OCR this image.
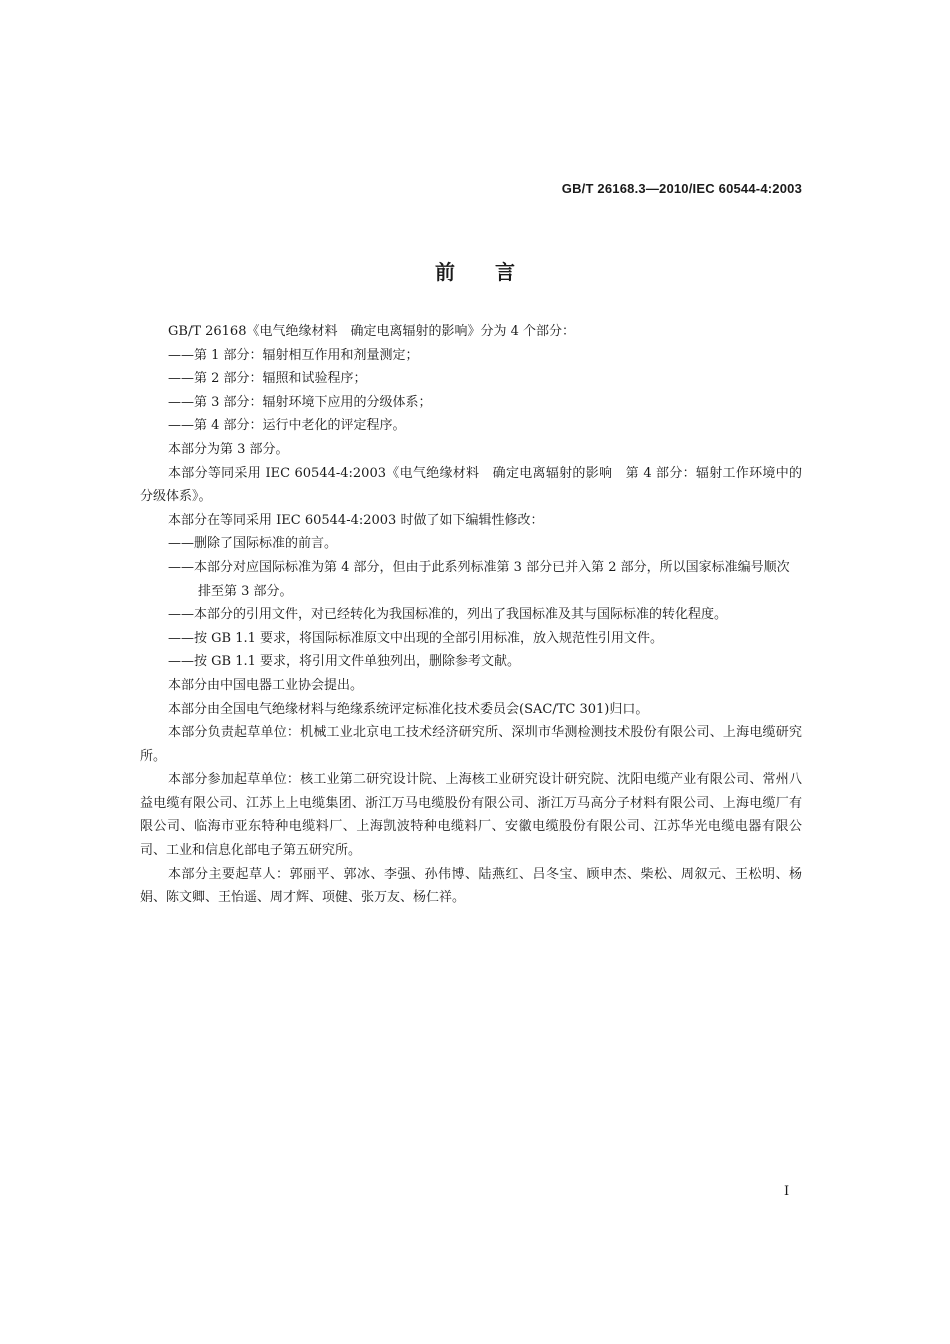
GB/T 26168.3—2010/IEC 60544-4:2003
前言

GB/T 26168《电气绝缘材料　确定电离辐射的影响》分为 4 个部分：

——第 1 部分：辐射相互作用和剂量测定；

——第 2 部分：辐照和试验程序；

——第 3 部分：辐射环境下应用的分级体系；

——第 4 部分：运行中老化的评定程序。

本部分为第 3 部分。

本部分等同采用 IEC 60544-4:2003《电气绝缘材料　确定电离辐射的影响　第 4 部分：辐射工作环境中的分级体系》。

本部分在等同采用 IEC 60544-4:2003 时做了如下编辑性修改：

——删除了国际标准的前言。

——本部分对应国际标准为第 4 部分，但由于此系列标准第 3 部分已并入第 2 部分，所以国家标准编号顺次排至第 3 部分。

——本部分的引用文件，对已经转化为我国标准的，列出了我国标准及其与国际标准的转化程度。

——按 GB 1.1 要求，将国际标准原文中出现的全部引用标准，放入规范性引用文件。

——按 GB 1.1 要求，将引用文件单独列出，删除参考文献。

本部分由中国电器工业协会提出。

本部分由全国电气绝缘材料与绝缘系统评定标准化技术委员会(SAC/TC 301)归口。

本部分负责起草单位：机械工业北京电工技术经济研究所、深圳市华测检测技术股份有限公司、上海电缆研究所。

本部分参加起草单位：核工业第二研究设计院、上海核工业研究设计研究院、沈阳电缆产业有限公司、常州八益电缆有限公司、江苏上上电缆集团、浙江万马电缆股份有限公司、浙江万马高分子材料有限公司、上海电缆厂有限公司、临海市亚东特种电缆料厂、上海凯波特种电缆料厂、安徽电缆股份有限公司、江苏华光电缆电器有限公司、工业和信息化部电子第五研究所。

本部分主要起草人：郭丽平、郭冰、李强、孙伟博、陆燕红、吕冬宝、顾申杰、柴松、周叙元、王松明、杨娟、陈文卿、王怡遥、周才辉、项健、张万友、杨仁祥。

I
